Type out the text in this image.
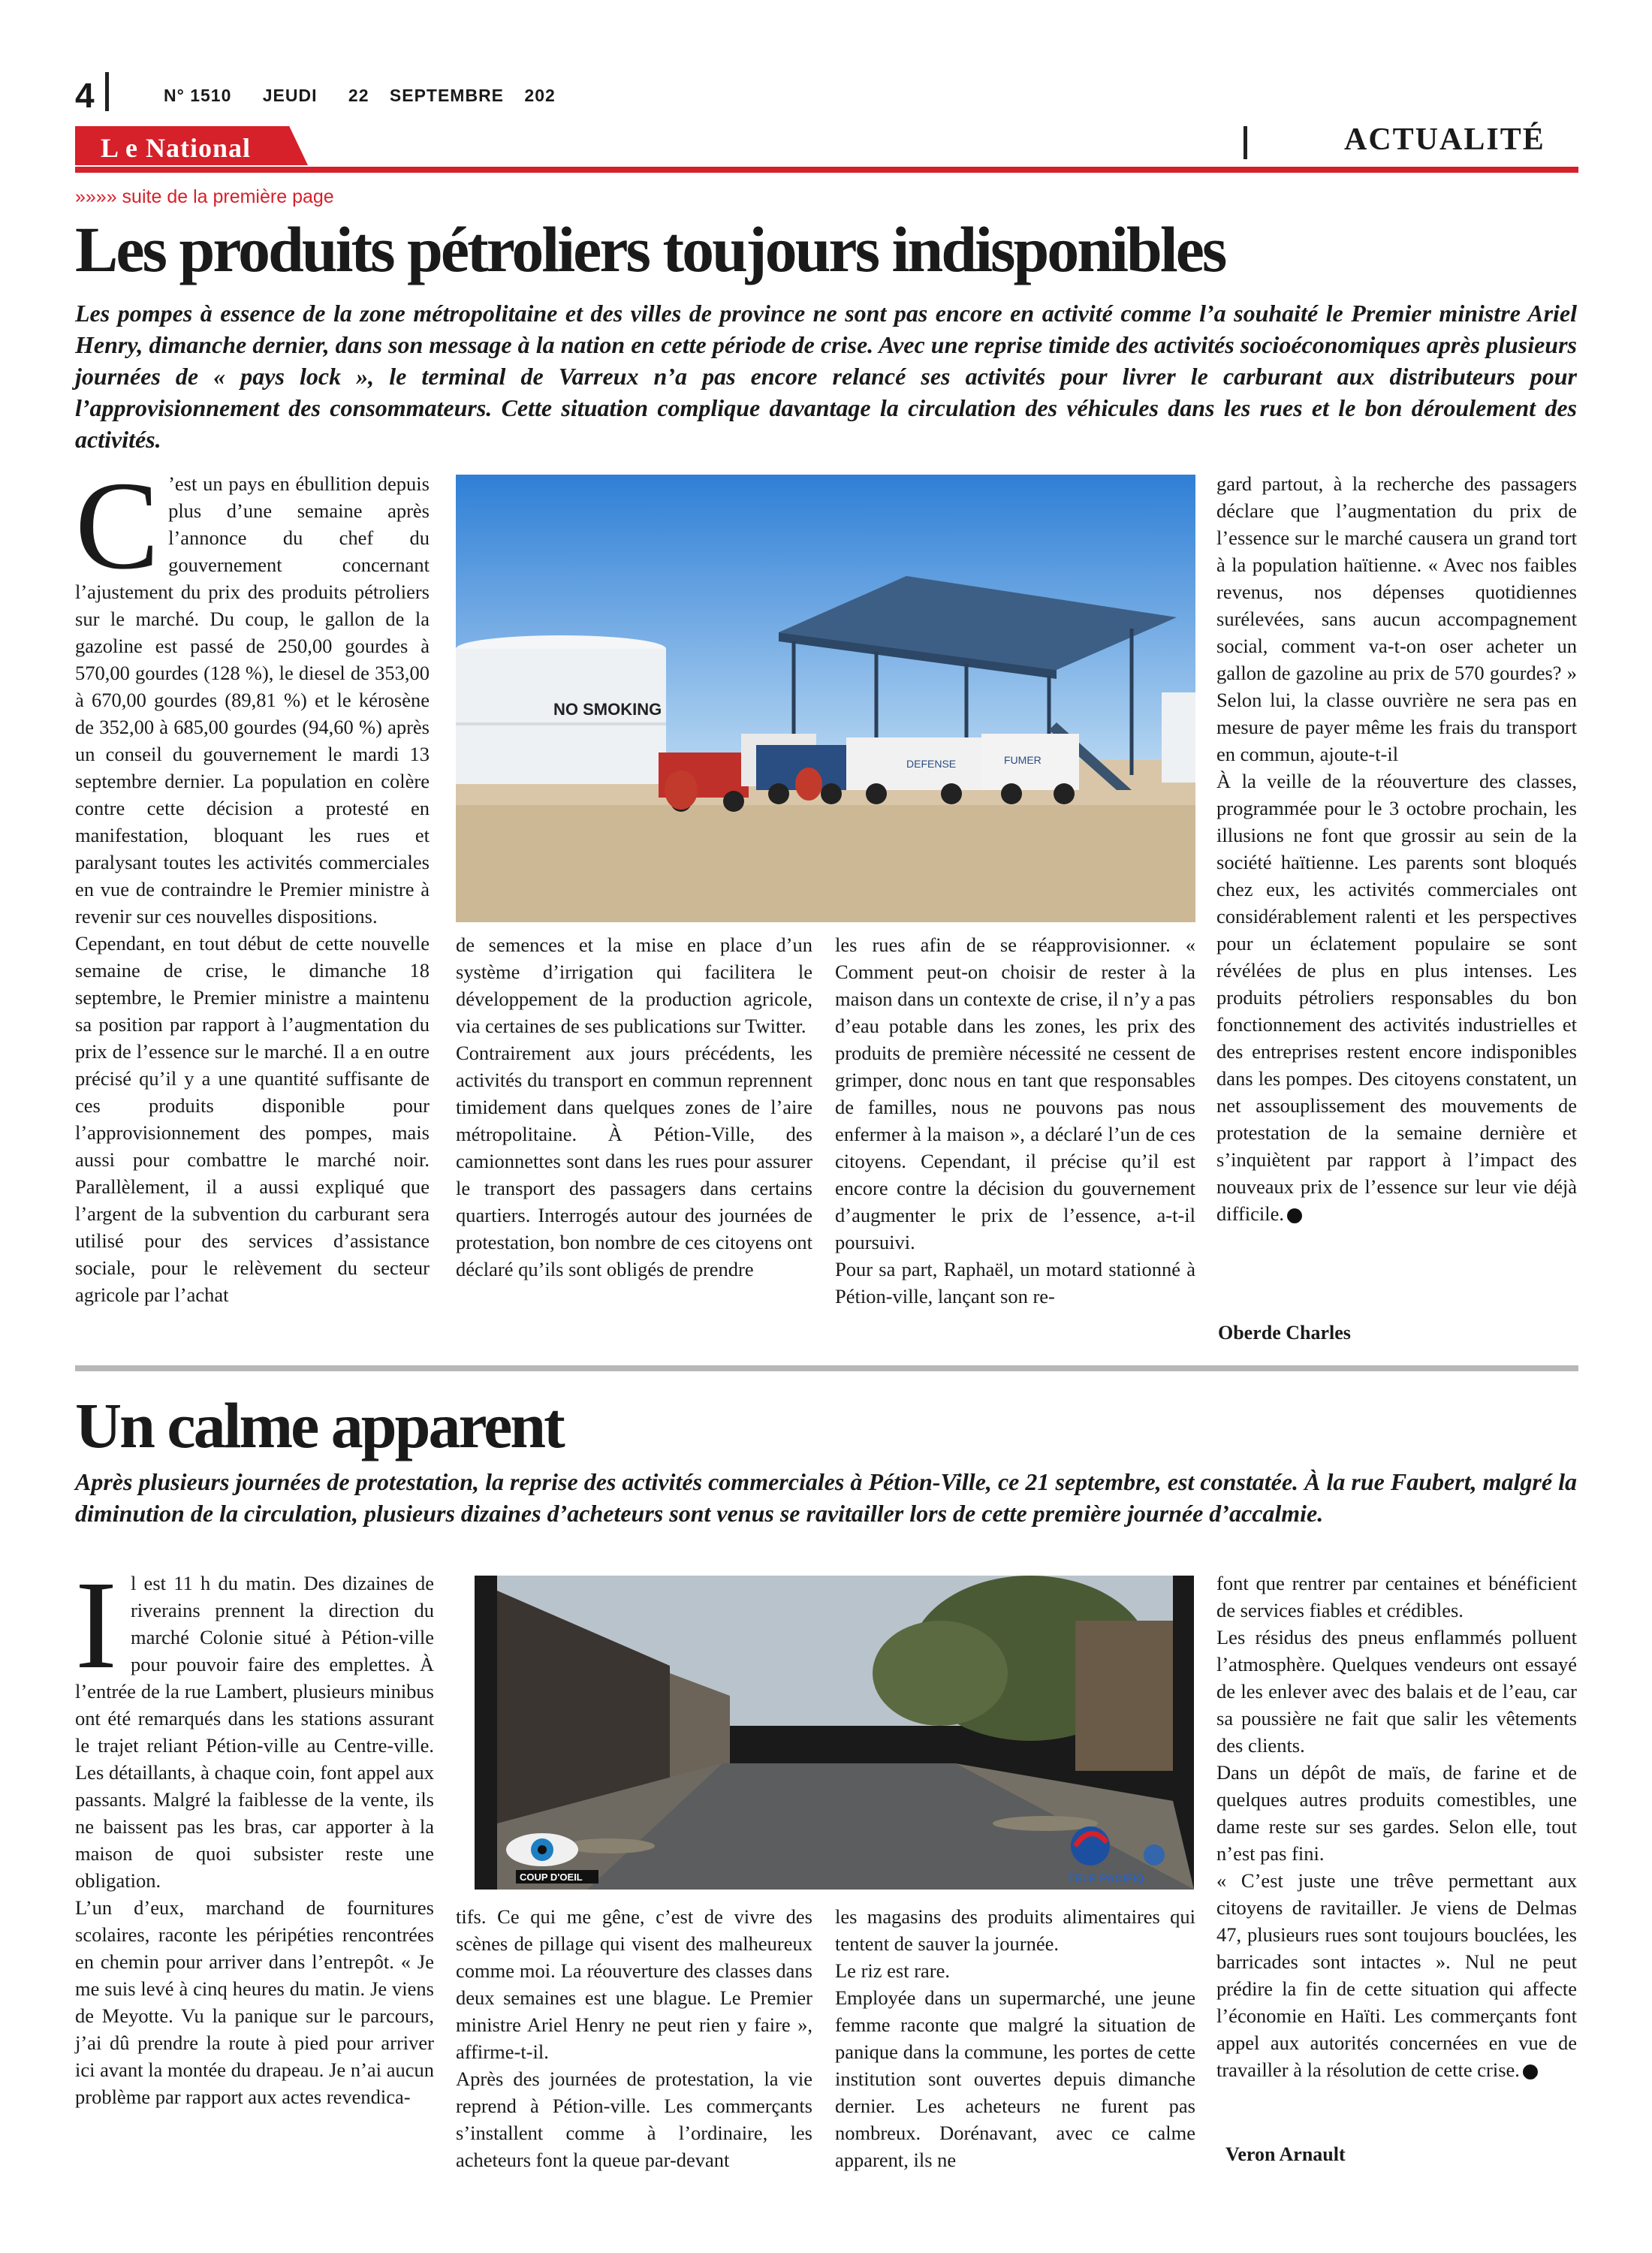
4	N° 1510 JEUDI 22 SEPTEMBRE 202
L e National	ACTUALITÉ
»»»» suite de la première page
Les produits pétroliers toujours indisponibles
Les pompes à essence de la zone métropolitaine et des villes de province ne sont pas encore en activité comme l’a souhaité le Premier ministre Ariel Henry, dimanche dernier, dans son message à la nation en cette période de crise. Avec une reprise timide des activités socioéconomiques après plusieurs journées de « pays lock », le terminal de Varreux n’a pas encore relancé ses activités pour livrer le carburant aux distributeurs pour l’approvisionnement des consommateurs. Cette situation complique davantage la circulation des véhicules dans les rues et le bon déroulement des activités.
C ’est un pays en ébullition depuis plus d’une semaine après l’annonce du chef du gouvernement concernant l’ajustement du prix des produits pétroliers sur le marché. Du coup, le gallon de la gazoline est passé de 250,00 gourdes à 570,00 gourdes (128 %), le diesel de 353,00 à 670,00 gourdes (89,81 %) et le kérosène de 352,00 à 685,00 gourdes (94,60 %) après un conseil du gouvernement le mardi 13 septembre dernier. La population en colère contre cette décision a protesté en manifestation, bloquant les rues et paralysant toutes les activités commerciales en vue de contraindre le Premier ministre à revenir sur ces nouvelles dispositions.

Cependant, en tout début de cette nouvelle semaine de crise, le dimanche 18 septembre, le Premier ministre a maintenu sa position par rapport à l’augmentation du prix de l’essence sur le marché. Il a en outre précisé qu’il y a une quantité suffisante de ces produits disponible pour l’approvisionnement des pompes, mais aussi pour combattre le marché noir. Parallèlement, il a aussi expliqué que l’argent de la subvention du carburant sera utilisé pour des services d’assistance sociale, pour le relèvement du secteur agricole par l’achat

NO SMOKING
DEFENSE	FUMER

de semences et la mise en place d’un système d’irrigation qui facilitera le développement de la production agricole, via certaines de ses publications sur Twitter.

Contrairement aux jours précédents, les activités du transport en commun reprennent timidement dans quelques zones de l’aire métropolitaine. À Pétion-Ville, des camionnettes sont dans les rues pour assurer le transport des passagers dans certains quartiers. Interrogés autour des journées de protestation, bon nombre de ces citoyens ont déclaré qu’ils sont obligés de prendre

les rues afin de se réapprovisionner. « Comment peut-on choisir de rester à la maison dans un contexte de crise, il n’y a pas d’eau potable dans les zones, les prix des produits de première nécessité ne cessent de grimper, donc nous en tant que responsables de familles, nous ne pouvons pas nous enfermer à la maison », a déclaré l’un de ces citoyens. Cependant, il précise qu’il est encore contre la décision du gouvernement d’augmenter le prix de l’essence, a-t-il poursuivi.

Pour sa part, Raphaël, un motard stationné à Pétion-ville, lançant son re-

gard partout, à la recherche des passagers déclare que l’augmentation du prix de l’essence sur le marché causera un grand tort à la population haïtienne. « Avec nos faibles revenus, nos dépenses quotidiennes surélevées, sans aucun accompagnement social, comment va-t-on oser acheter un gallon de gazoline au prix de 570 gourdes? » Selon lui, la classe ouvrière ne sera pas en mesure de payer même les frais du transport en commun, ajoute-t-il

À la veille de la réouverture des classes, programmée pour le 3 octobre prochain, les illusions ne font que grossir au sein de la société haïtienne. Les parents sont bloqués chez eux, les activités commerciales ont considérablement ralenti et les perspectives pour un éclatement populaire se sont révélées de plus en plus intenses. Les produits pétroliers responsables du bon fonctionnement des activités industrielles et des entreprises restent encore indisponibles dans les pompes. Des citoyens constatent, un net assouplissement des mouvements de protestation de la semaine dernière et s’inquiètent par rapport à l’impact des nouveaux prix de l’essence sur leur vie déjà difficile.

Oberde Charles
Un calme apparent
Après plusieurs journées de protestation, la reprise des activités commerciales à Pétion-Ville, ce 21 septembre, est constatée. À la rue Faubert, malgré la diminution de la circulation, plusieurs dizaines d’acheteurs sont venus se ravitailler lors de cette première journée d’accalmie.
I l est 11 h du matin. Des dizaines de riverains prennent la direction du marché Colonie situé à Pétion-ville pour pouvoir faire des emplettes. À l’entrée de la rue Lambert, plusieurs minibus ont été remarqués dans les stations assurant le trajet reliant Pétion-ville au Centre-ville. Les détaillants, à chaque coin, font appel aux passants. Malgré la faiblesse de la vente, ils ne baissent pas les bras, car apporter à la maison de quoi subsister reste une obligation.

L’un d’eux, marchand de fournitures scolaires, raconte les péripéties rencontrées en chemin pour arriver dans l’entrepôt. « Je me suis levé à cinq heures du matin. Je viens de Meyotte. Vu la panique sur le parcours, j’ai dû prendre la route à pied pour arriver ici avant la montée du drapeau. Je n’ai aucun problème par rapport aux actes revendica-

COUP D'OEIL	TELE PACIFIQ

tifs. Ce qui me gêne, c’est de vivre des scènes de pillage qui visent des malheureux comme moi. La réouverture des classes dans deux semaines est une blague. Le Premier ministre Ariel Henry ne peut rien y faire », affirme-t-il.

Après des journées de protestation, la vie reprend à Pétion-ville. Les commerçants s’installent comme à l’ordinaire, les acheteurs font la queue par-devant

les magasins des produits alimentaires qui tentent de sauver la journée.

Le riz est rare.

Employée dans un supermarché, une jeune femme raconte que malgré la situation de panique dans la commune, les portes de cette institution sont ouvertes depuis dimanche dernier. Les acheteurs ne furent pas nombreux. Dorénavant, avec ce calme apparent, ils ne

font que rentrer par centaines et bénéficient de services fiables et crédibles.

Les résidus des pneus enflammés polluent l’atmosphère. Quelques vendeurs ont essayé de les enlever avec des balais et de l’eau, car sa poussière ne fait que salir les vêtements des clients.

Dans un dépôt de maïs, de farine et de quelques autres produits comestibles, une dame reste sur ses gardes. Selon elle, tout n’est pas fini.

« C’est juste une trêve permettant aux citoyens de ravitailler. Je viens de Delmas 47, plusieurs rues sont toujours bouclées, les barricades sont intactes ». Nul ne peut prédire la fin de cette situation qui affecte l’économie en Haïti. Les commerçants font appel aux autorités concernées en vue de travailler à la résolution de cette crise.

Veron Arnault
